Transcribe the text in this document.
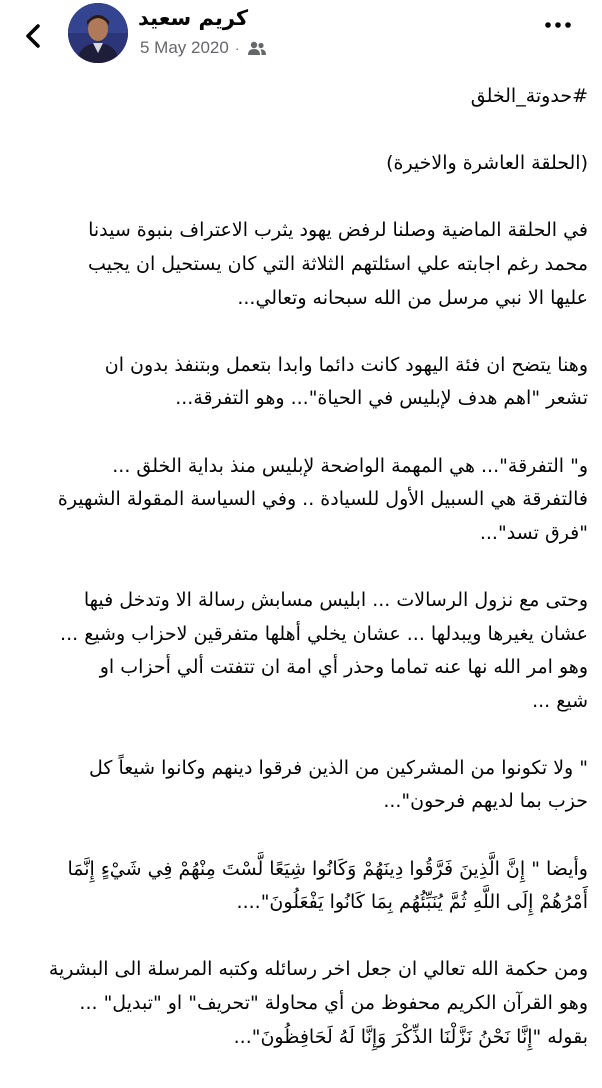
كريم سعيد
5 May 2020 ·

#حدوتة_الخلق

(الحلقة العاشرة والاخيرة)

في الحلقة الماضية وصلنا لرفض يهود يثرب الاعتراف بنبوة سيدنا
محمد رغم اجابته علي اسئلتهم الثلاثة التي كان يستحيل ان يجيب
عليها الا نبي مرسل من الله سبحانه وتعالي...

وهنا يتضح ان فئة اليهود كانت دائما وابدا بتعمل وبتنفذ بدون ان
تشعر "اهم هدف لإبليس في الحياة"... وهو التفرقة...

و" التفرقة"... هي المهمة الواضحة لإبليس منذ بداية الخلق ...
فالتفرقة هي السبيل الأول للسيادة .. وفي السياسة المقولة الشهيرة
"فرق تسد"...

وحتى مع نزول الرسالات ... ابليس مسابش رسالة الا وتدخل فيها
عشان يغيرها ويبدلها ... عشان يخلي أهلها متفرقين لاحزاب وشيع ...
وهو امر الله نها عنه تماما وحذر أي امة ان تتفتت ألي أحزاب او
شيع ...

" ولا تكونوا من المشركين من الذين فرقوا دينهم وكانوا شيعاً كل
حزب بما لديهم فرحون"...

وأيضا " إِنَّ الَّذِينَ فَرَّقُوا دِينَهُمْ وَكَانُوا شِيَعًا لَّسْتَ مِنْهُمْ فِي شَيْءٍ إِنَّمَا
أَمْرُهُمْ إِلَى اللَّهِ ثُمَّ يُنَبِّئُهُم بِمَا كَانُوا يَفْعَلُونَ"....

ومن حكمة الله تعالي ان جعل اخر رسائله وكتبه المرسلة الى البشرية
وهو القرآن الكريم محفوظ من أي محاولة "تحريف" او "تبديل" ...
بقوله "إِنَّا نَحْنُ نَزَّلْنَا الذِّكْرَ وَإِنَّا لَهُ لَحَافِظُونَ"...
